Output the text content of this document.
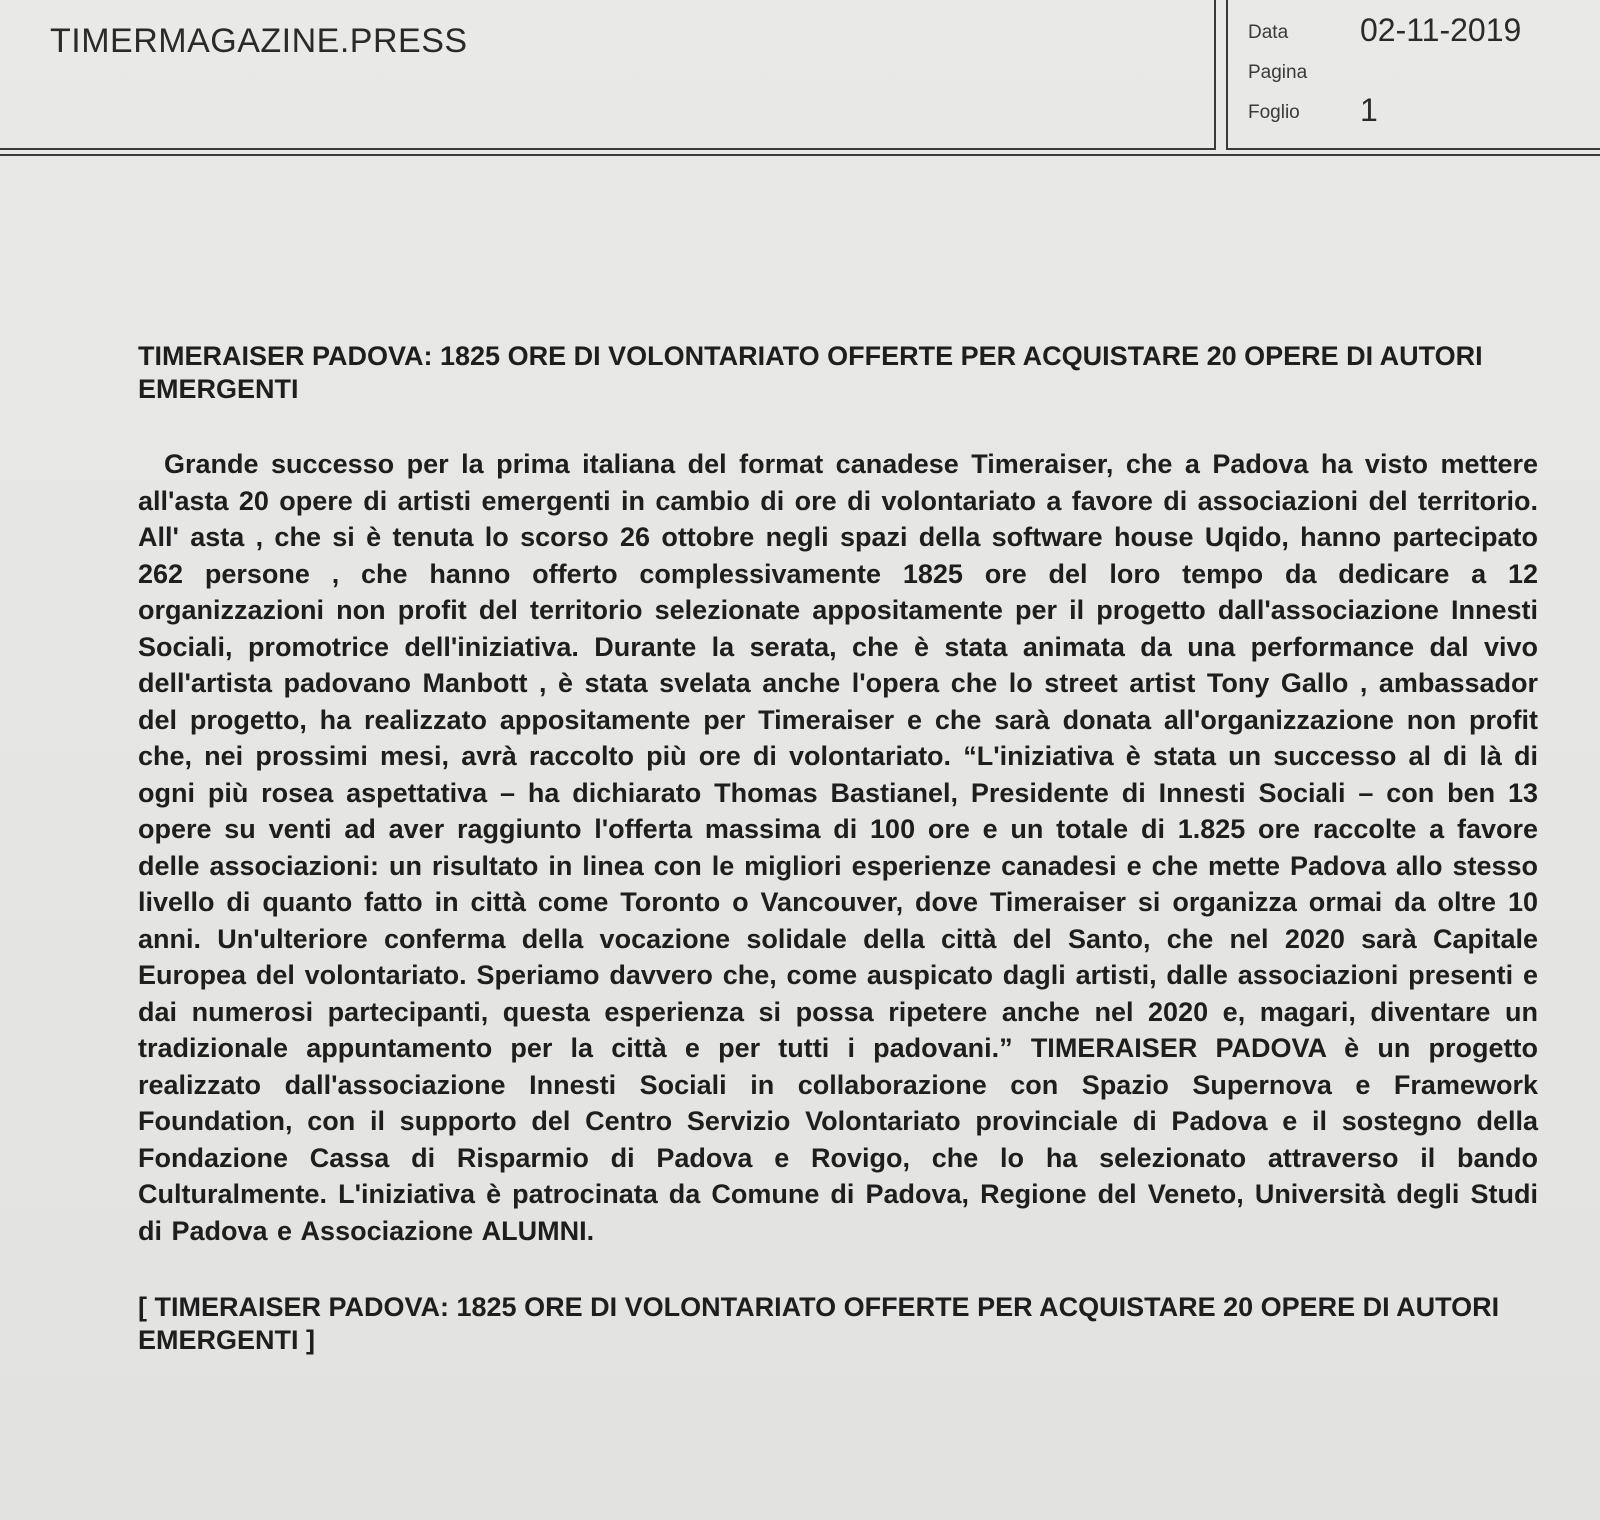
TIMERMAGAZINE.PRESS	Data 02-11-2019
Pagina
Foglio 1

TIMERAISER PADOVA: 1825 ORE DI VOLONTARIATO OFFERTE PER ACQUISTARE 20 OPERE DI AUTORI EMERGENTI

Grande successo per la prima italiana del format canadese Timeraiser, che a Padova ha visto mettere all'asta 20 opere di artisti emergenti in cambio di ore di volontariato a favore di associazioni del territorio. All' asta , che si è tenuta lo scorso 26 ottobre negli spazi della software house Uqido, hanno partecipato 262 persone , che hanno offerto complessivamente 1825 ore del loro tempo da dedicare a 12 organizzazioni non profit del territorio selezionate appositamente per il progetto dall'associazione Innesti Sociali, promotrice dell'iniziativa. Durante la serata, che è stata animata da una performance dal vivo dell'artista padovano Manbott , è stata svelata anche l'opera che lo street artist Tony Gallo , ambassador del progetto, ha realizzato appositamente per Timeraiser e che sarà donata all'organizzazione non profit che, nei prossimi mesi, avrà raccolto più ore di volontariato. “L'iniziativa è stata un successo al di là di ogni più rosea aspettativa – ha dichiarato Thomas Bastianel, Presidente di Innesti Sociali – con ben 13 opere su venti ad aver raggiunto l'offerta massima di 100 ore e un totale di 1.825 ore raccolte a favore delle associazioni: un risultato in linea con le migliori esperienze canadesi e che mette Padova allo stesso livello di quanto fatto in città come Toronto o Vancouver, dove Timeraiser si organizza ormai da oltre 10 anni. Un'ulteriore conferma della vocazione solidale della città del Santo, che nel 2020 sarà Capitale Europea del volontariato. Speriamo davvero che, come auspicato dagli artisti, dalle associazioni presenti e dai numerosi partecipanti, questa esperienza si possa ripetere anche nel 2020 e, magari, diventare un tradizionale appuntamento per la città e per tutti i padovani.” TIMERAISER PADOVA è un progetto realizzato dall'associazione Innesti Sociali in collaborazione con Spazio Supernova e Framework Foundation, con il supporto del Centro Servizio Volontariato provinciale di Padova e il sostegno della Fondazione Cassa di Risparmio di Padova e Rovigo, che lo ha selezionato attraverso il bando Culturalmente. L'iniziativa è patrocinata da Comune di Padova, Regione del Veneto, Università degli Studi di Padova e Associazione ALUMNI.

[ TIMERAISER PADOVA: 1825 ORE DI VOLONTARIATO OFFERTE PER ACQUISTARE 20 OPERE DI AUTORI EMERGENTI ]
